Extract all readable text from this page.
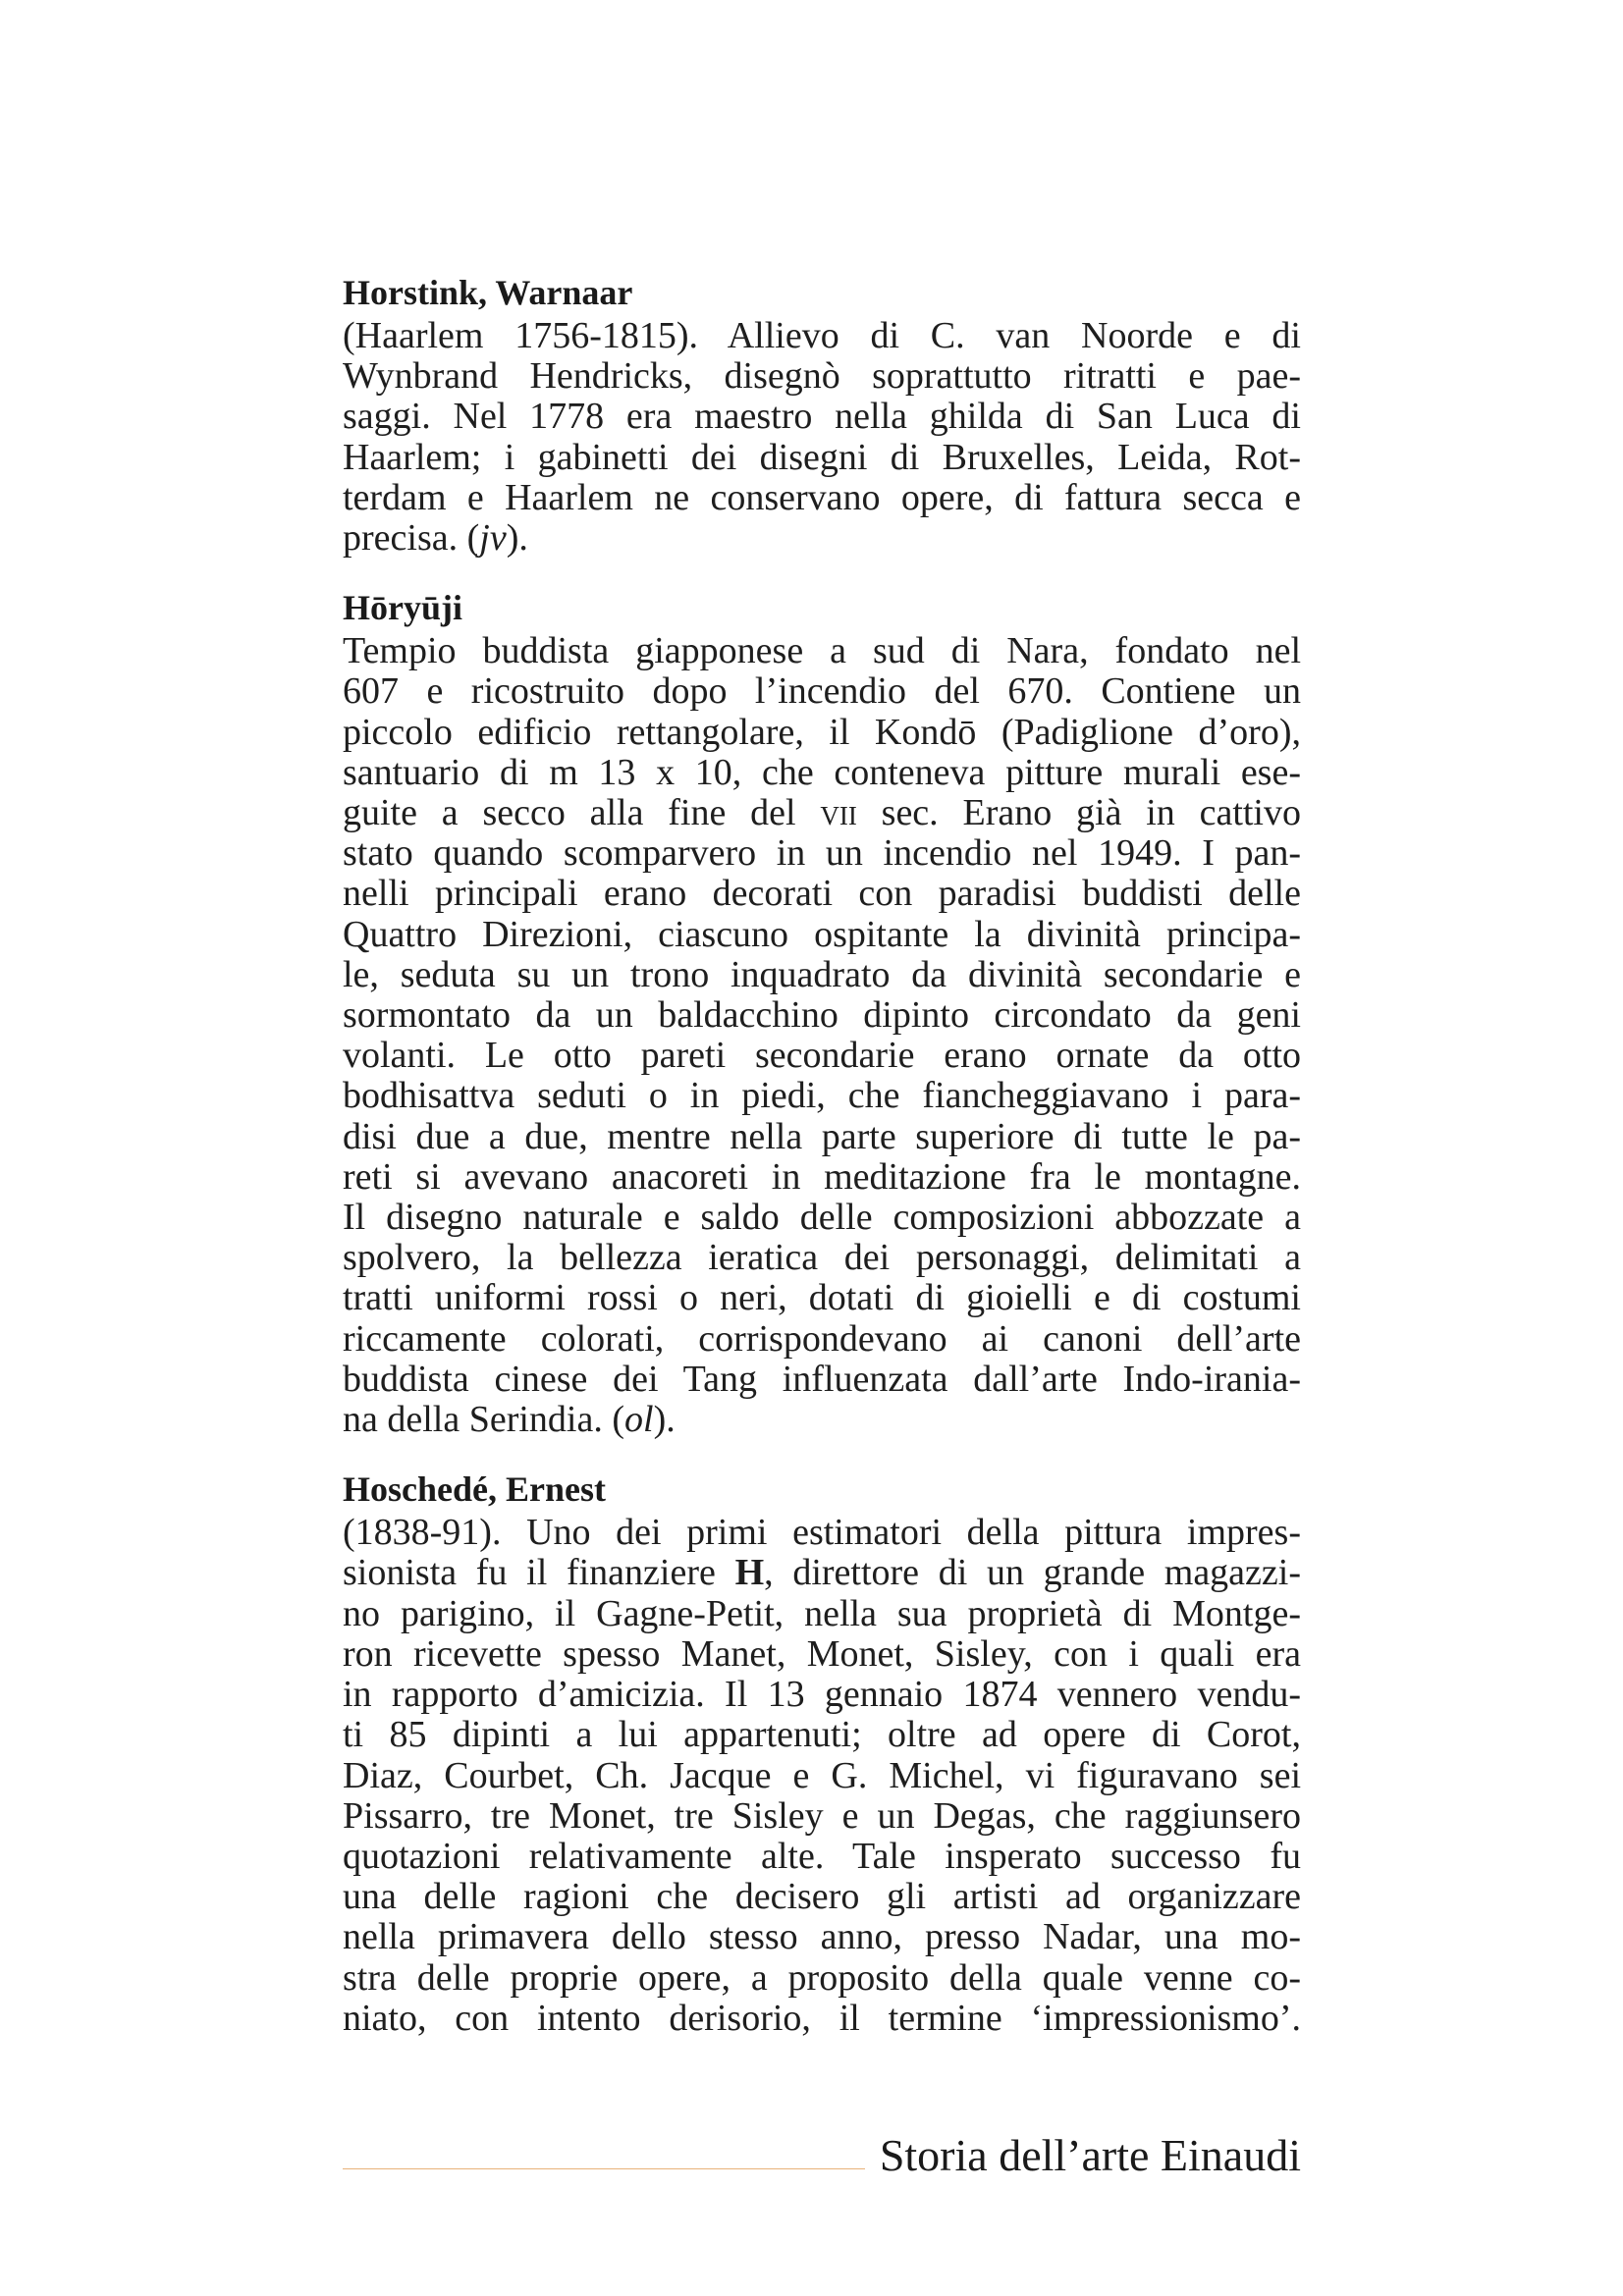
Horstink, Warnaar
(Haarlem 1756-1815). Allievo di C. van Noorde e di
Wynbrand Hendricks, disegnò soprattutto ritratti e pae-
saggi. Nel 1778 era maestro nella ghilda di San Luca di
Haarlem; i gabinetti dei disegni di Bruxelles, Leida, Rot-
terdam e Haarlem ne conservano opere, di fattura secca e
precisa. (jv).
Hōryūji
Tempio buddista giapponese a sud di Nara, fondato nel
607 e ricostruito dopo l’incendio del 670. Contiene un
piccolo edificio rettangolare, il Kondō (Padiglione d’oro),
santuario di m 13 x 10, che conteneva pitture murali ese-
guite a secco alla fine del vii sec. Erano già in cattivo
stato quando scomparvero in un incendio nel 1949. I pan-
nelli principali erano decorati con paradisi buddisti delle
Quattro Direzioni, ciascuno ospitante la divinità principa-
le, seduta su un trono inquadrato da divinità secondarie e
sormontato da un baldacchino dipinto circondato da geni
volanti. Le otto pareti secondarie erano ornate da otto
bodhisattva seduti o in piedi, che fiancheggiavano i para-
disi due a due, mentre nella parte superiore di tutte le pa-
reti si avevano anacoreti in meditazione fra le montagne.
Il disegno naturale e saldo delle composizioni abbozzate a
spolvero, la bellezza ieratica dei personaggi, delimitati a
tratti uniformi rossi o neri, dotati di gioielli e di costumi
riccamente colorati, corrispondevano ai canoni dell’arte
buddista cinese dei Tang influenzata dall’arte Indo-irania-
na della Serindia. (ol).
Hoschedé, Ernest
(1838-91). Uno dei primi estimatori della pittura impres-
sionista fu il finanziere H, direttore di un grande magazzi-
no parigino, il Gagne-Petit, nella sua proprietà di Montge-
ron ricevette spesso Manet, Monet, Sisley, con i quali era
in rapporto d’amicizia. Il 13 gennaio 1874 vennero vendu-
ti 85 dipinti a lui appartenuti; oltre ad opere di Corot,
Diaz, Courbet, Ch. Jacque e G. Michel, vi figuravano sei
Pissarro, tre Monet, tre Sisley e un Degas, che raggiunsero
quotazioni relativamente alte. Tale insperato successo fu
una delle ragioni che decisero gli artisti ad organizzare
nella primavera dello stesso anno, presso Nadar, una mo-
stra delle proprie opere, a proposito della quale venne co-
niato, con intento derisorio, il termine ‘impressionismo’.
Storia dell’arte Einaudi
